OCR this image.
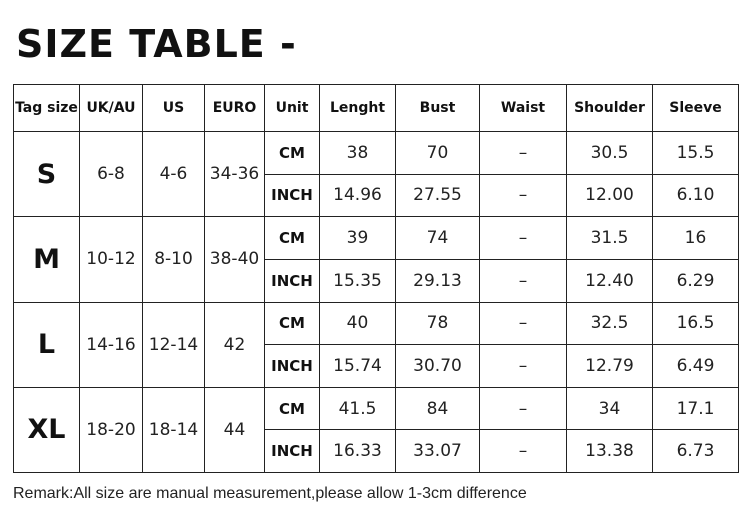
SIZE TABLE -
Tag size	UK/AU	US	EURO	Unit	Lenght	Bust	Waist	Shoulder	Sleeve
S	6-8	4-6	34-36	CM	38	70	–	30.5	15.5
				INCH	14.96	27.55	–	12.00	6.10
M	10-12	8-10	38-40	CM	39	74	–	31.5	16
				INCH	15.35	29.13	–	12.40	6.29
L	14-16	12-14	42	CM	40	78	–	32.5	16.5
				INCH	15.74	30.70	–	12.79	6.49
XL	18-20	18-14	44	CM	41.5	84	–	34	17.1
				INCH	16.33	33.07	–	13.38	6.73
Remark:All size are manual measurement,please allow 1-3cm difference
